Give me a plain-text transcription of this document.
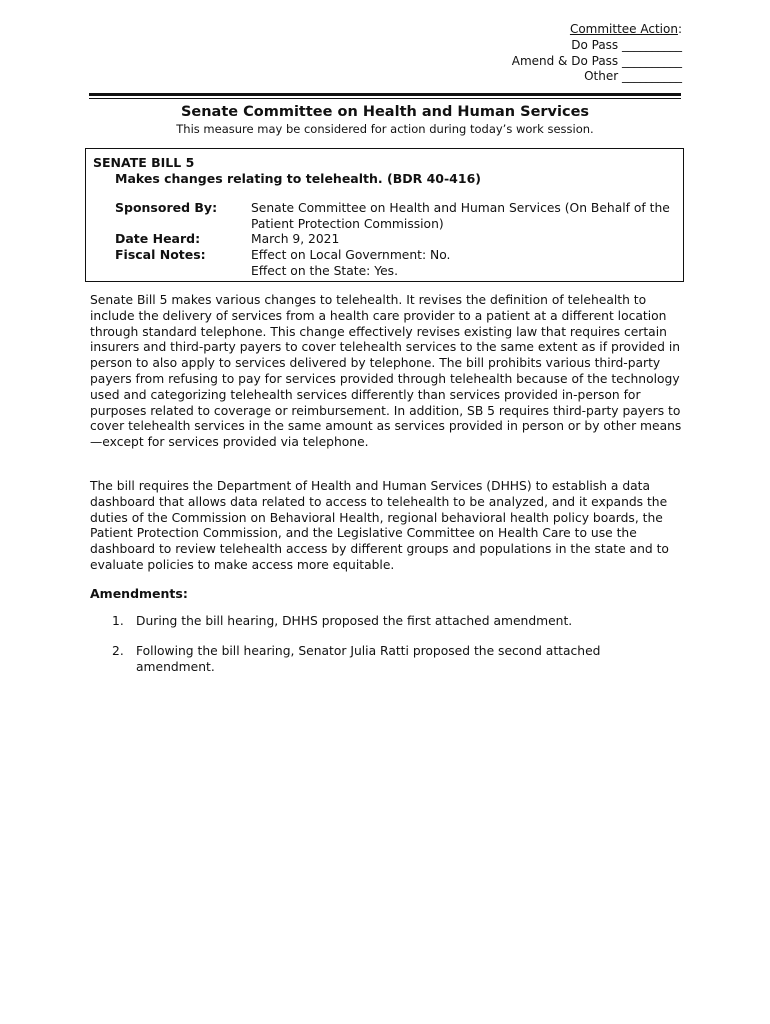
Committee Action:
Do Pass __________
Amend & Do Pass __________
Other __________
Senate Committee on Health and Human Services
This measure may be considered for action during today’s work session.
SENATE BILL 5
Makes changes relating to telehealth. (BDR 40-416)
Sponsored By:	Senate Committee on Health and Human Services (On Behalf of the Patient Protection Commission)
Date Heard:	March 9, 2021
Fiscal Notes:	Effect on Local Government: No.
Effect on the State: Yes.
Senate Bill 5 makes various changes to telehealth. It revises the definition of telehealth to include the delivery of services from a health care provider to a patient at a different location through standard telephone. This change effectively revises existing law that requires certain insurers and third-party payers to cover telehealth services to the same extent as if provided in person to also apply to services delivered by telephone. The bill prohibits various third-party payers from refusing to pay for services provided through telehealth because of the technology used and categorizing telehealth services differently than services provided in-person for purposes related to coverage or reimbursement. In addition, SB 5 requires third-party payers to cover telehealth services in the same amount as services provided in person or by other means—except for services provided via telephone.
The bill requires the Department of Health and Human Services (DHHS) to establish a data dashboard that allows data related to access to telehealth to be analyzed, and it expands the duties of the Commission on Behavioral Health, regional behavioral health policy boards, the Patient Protection Commission, and the Legislative Committee on Health Care to use the dashboard to review telehealth access by different groups and populations in the state and to evaluate policies to make access more equitable.
Amendments:
1. During the bill hearing, DHHS proposed the first attached amendment.
2. Following the bill hearing, Senator Julia Ratti proposed the second attached amendment.
